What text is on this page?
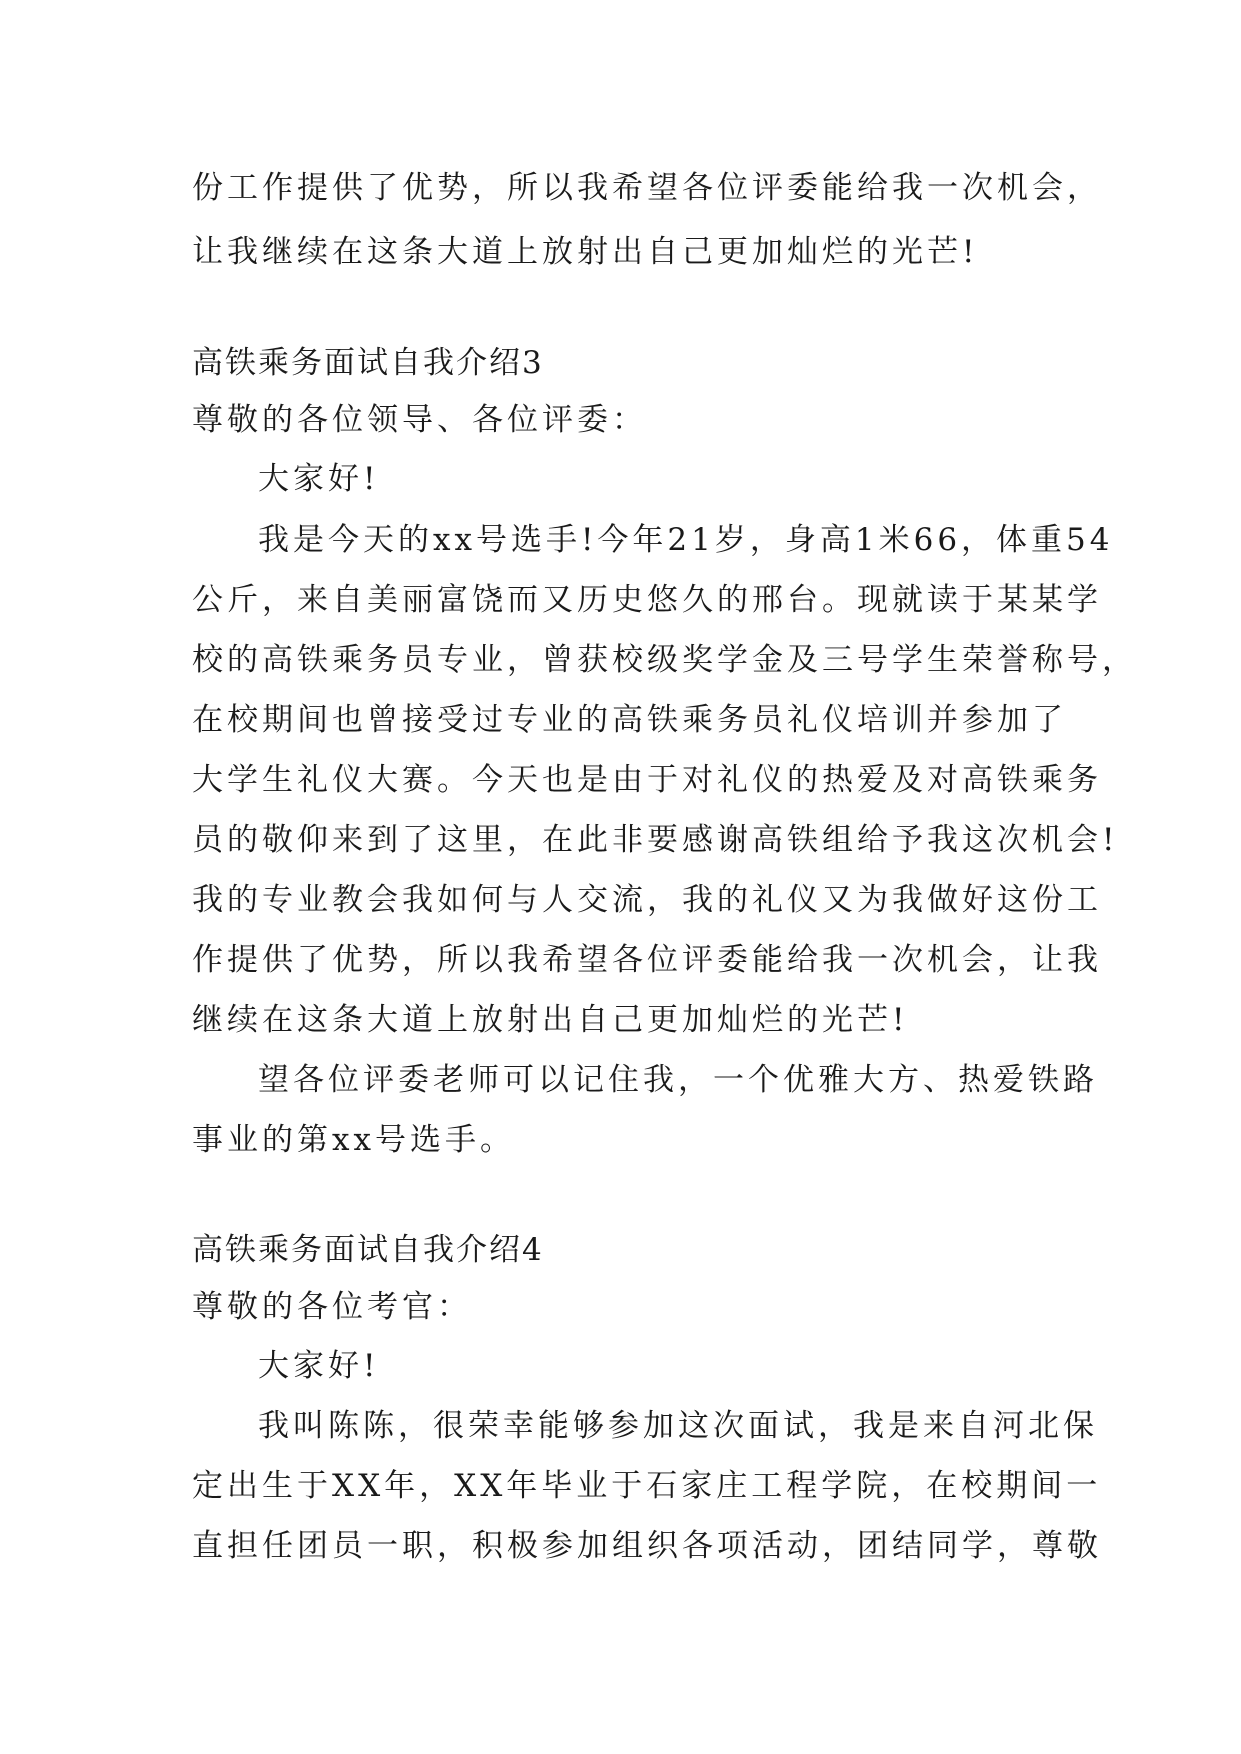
份工作提供了优势，所以我希望各位评委能给我一次机会，
让我继续在这条大道上放射出自己更加灿烂的光芒!
高铁乘务面试自我介绍3
尊敬的各位领导、各位评委：
大家好!
我是今天的xx号选手!今年21岁，身高1米66，体重54
公斤，来自美丽富饶而又历史悠久的邢台。现就读于某某学
校的高铁乘务员专业，曾获校级奖学金及三号学生荣誉称号，
在校期间也曾接受过专业的高铁乘务员礼仪培训并参加了
大学生礼仪大赛。今天也是由于对礼仪的热爱及对高铁乘务
员的敬仰来到了这里，在此非要感谢高铁组给予我这次机会!
我的专业教会我如何与人交流，我的礼仪又为我做好这份工
作提供了优势，所以我希望各位评委能给我一次机会，让我
继续在这条大道上放射出自己更加灿烂的光芒!
望各位评委老师可以记住我，一个优雅大方、热爱铁路
事业的第xx号选手。
高铁乘务面试自我介绍4
尊敬的各位考官：
大家好!
我叫陈陈，很荣幸能够参加这次面试，我是来自河北保
定出生于XX年，XX年毕业于石家庄工程学院，在校期间一
直担任团员一职，积极参加组织各项活动，团结同学，尊敬
